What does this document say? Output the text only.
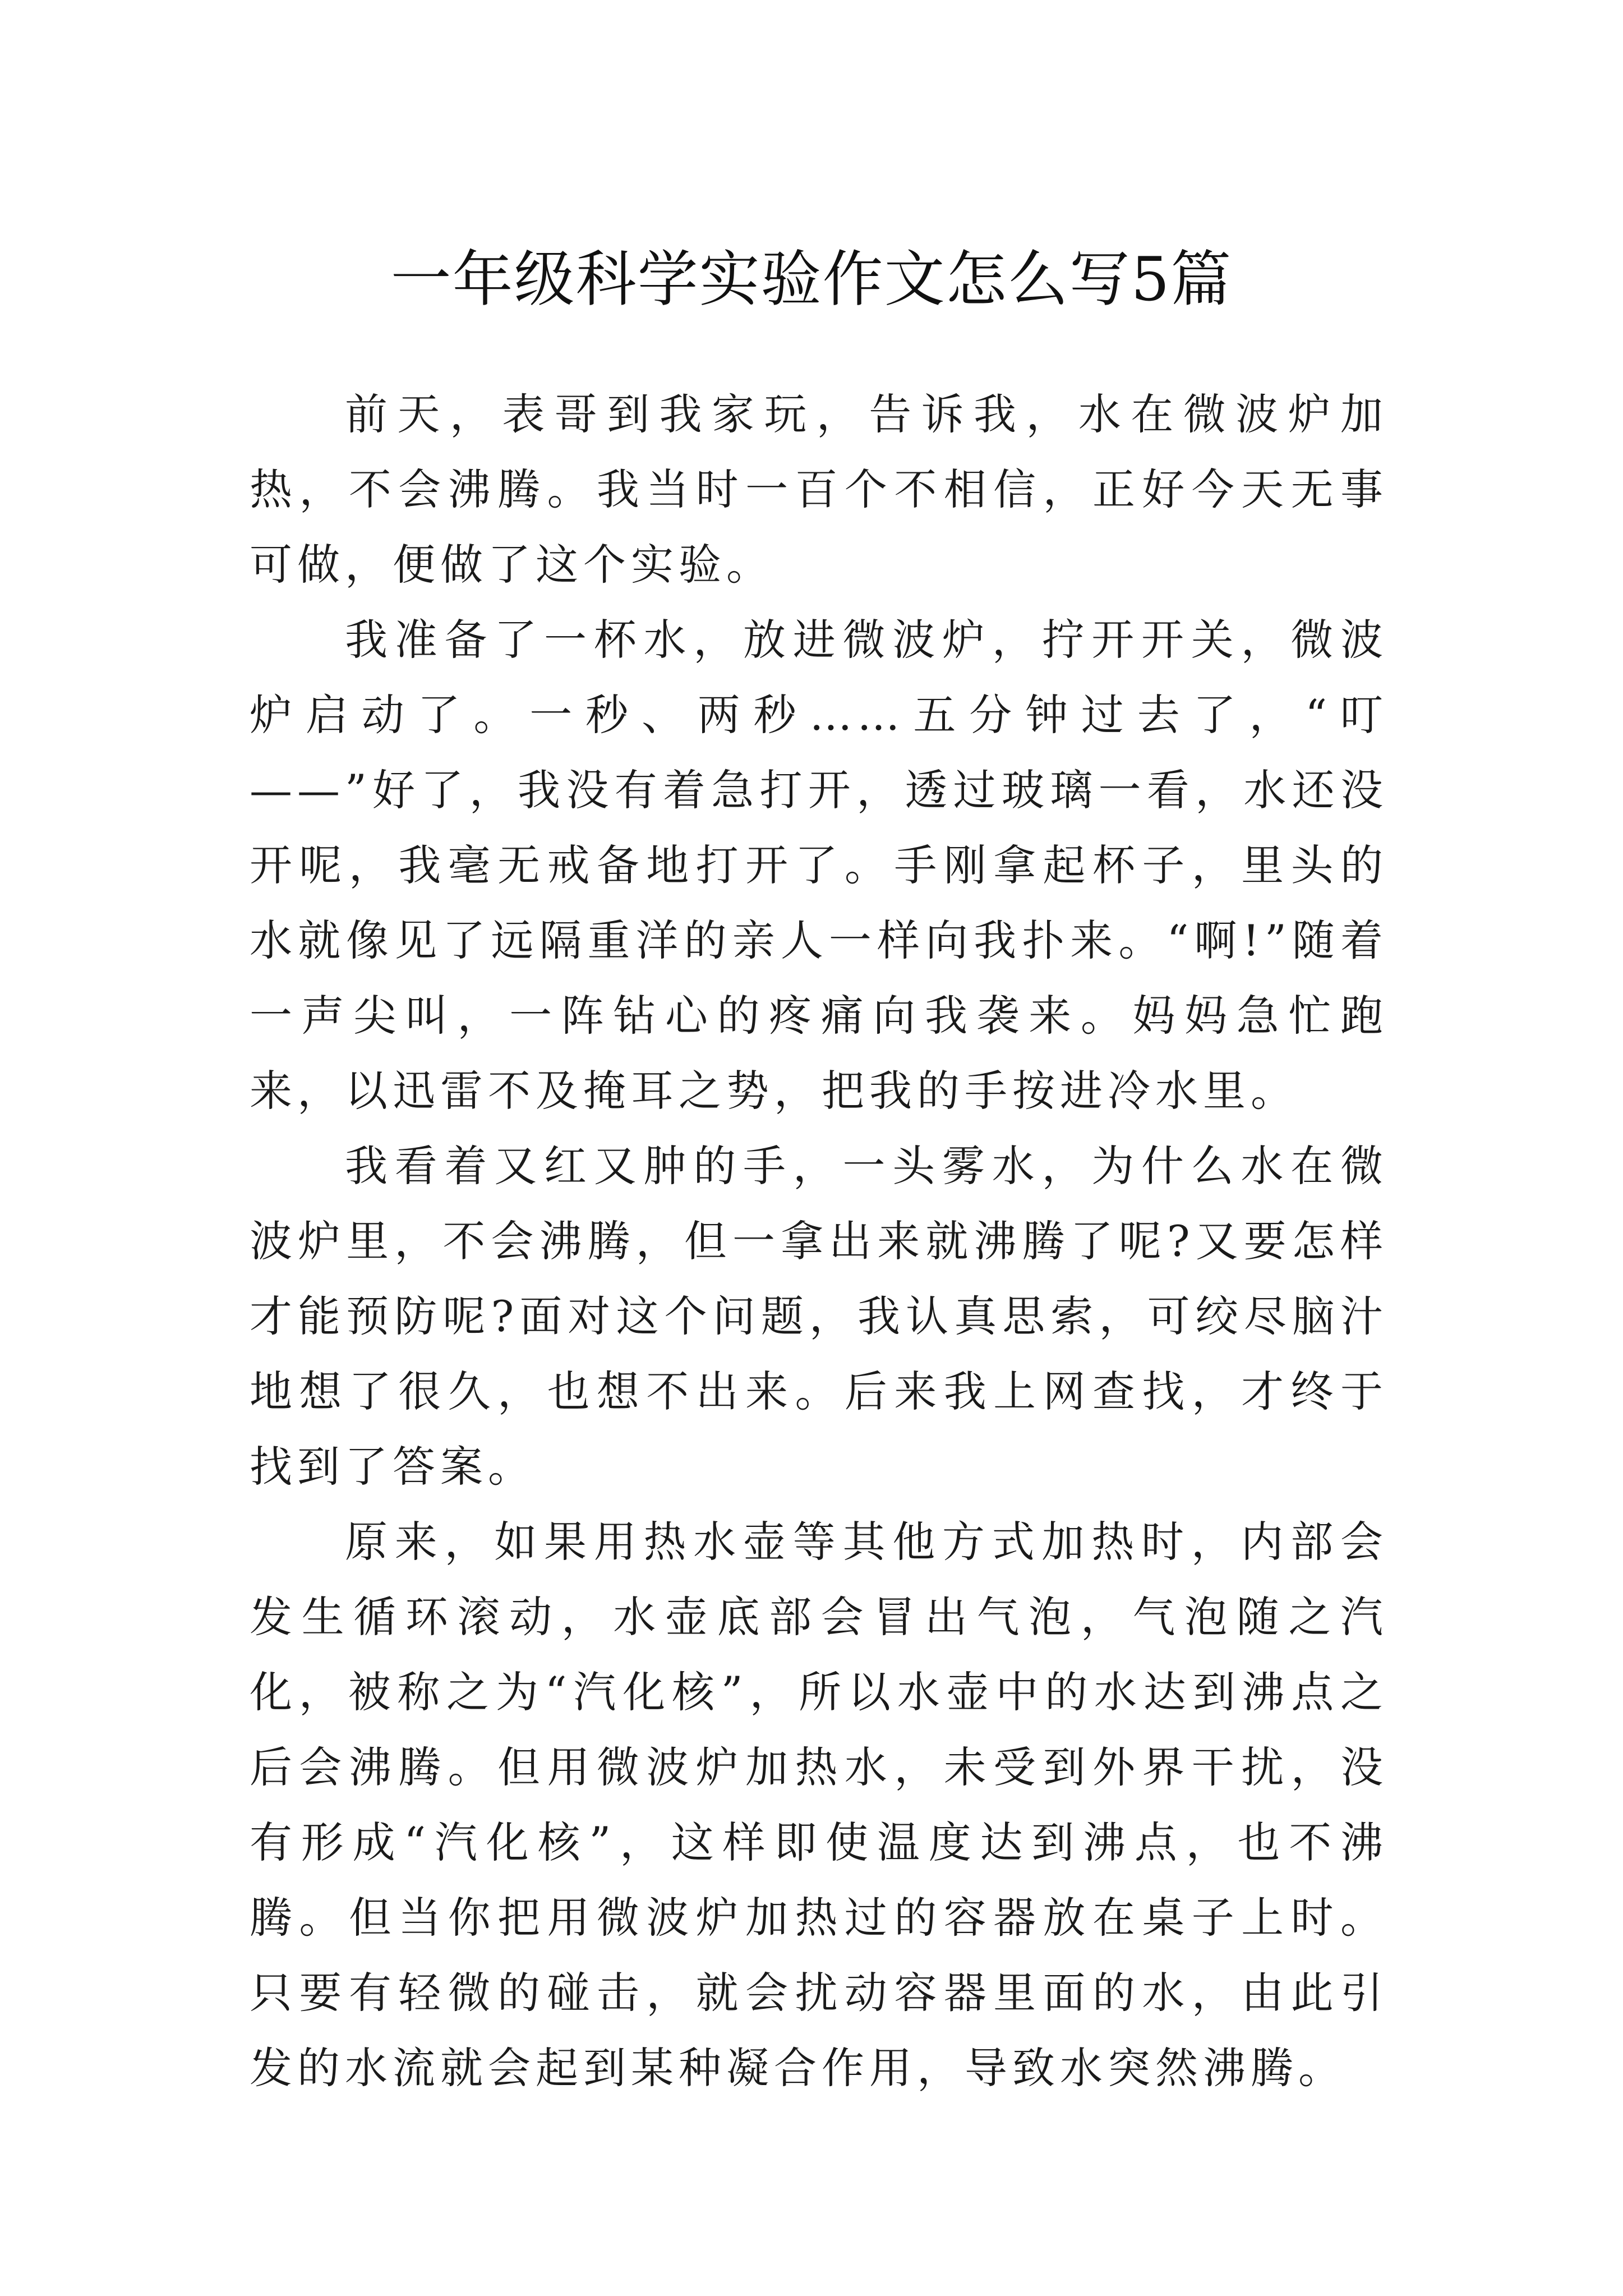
一年级科学实验作文怎么写5篇

前天，表哥到我家玩，告诉我，水在微波炉加热，不会沸腾。我当时一百个不相信，正好今天无事可做，便做了这个实验。

我准备了一杯水，放进微波炉，拧开开关，微波炉启动了。一秒、两秒……五分钟过去了，“叮——”好了，我没有着急打开，透过玻璃一看，水还没开呢，我毫无戒备地打开了。手刚拿起杯子，里头的水就像见了远隔重洋的亲人一样向我扑来。“啊!”随着一声尖叫，一阵钻心的疼痛向我袭来。妈妈急忙跑来，以迅雷不及掩耳之势，把我的手按进冷水里。

我看着又红又肿的手，一头雾水，为什么水在微波炉里，不会沸腾，但一拿出来就沸腾了呢?又要怎样才能预防呢?面对这个问题，我认真思索，可绞尽脑汁地想了很久，也想不出来。后来我上网查找，才终于找到了答案。

原来，如果用热水壶等其他方式加热时，内部会发生循环滚动，水壶底部会冒出气泡，气泡随之汽化，被称之为“汽化核”，所以水壶中的水达到沸点之后会沸腾。但用微波炉加热水，未受到外界干扰，没有形成“汽化核”，这样即使温度达到沸点，也不沸腾。但当你把用微波炉加热过的容器放在桌子上时。只要有轻微的碰击，就会扰动容器里面的水，由此引发的水流就会起到某种凝合作用，导致水突然沸腾。
